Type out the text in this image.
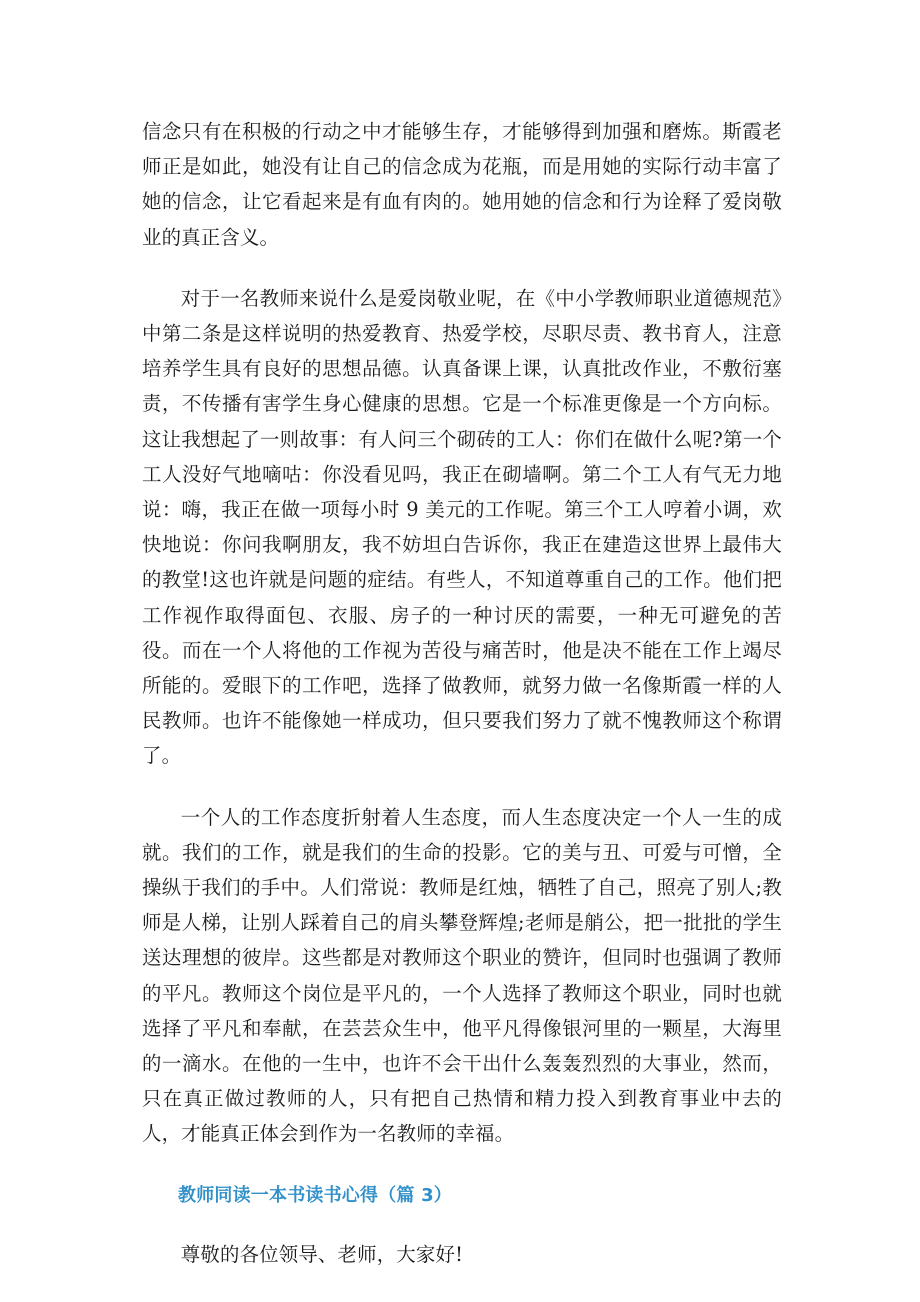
信念只有在积极的行动之中才能够生存，才能够得到加强和磨炼。斯霞老师正是如此，她没有让自己的信念成为花瓶，而是用她的实际行动丰富了她的信念，让它看起来是有血有肉的。她用她的信念和行为诠释了爱岗敬业的真正含义。

对于一名教师来说什么是爱岗敬业呢，在《中小学教师职业道德规范》中第二条是这样说明的热爱教育、热爱学校，尽职尽责、教书育人，注意培养学生具有良好的思想品德。认真备课上课，认真批改作业，不敷衍塞责，不传播有害学生身心健康的思想。它是一个标准更像是一个方向标。这让我想起了一则故事：有人问三个砌砖的工人：你们在做什么呢?第一个工人没好气地嘀咕：你没看见吗，我正在砌墙啊。第二个工人有气无力地说：嗨，我正在做一项每小时 9 美元的工作呢。第三个工人哼着小调，欢快地说：你问我啊朋友，我不妨坦白告诉你，我正在建造这世界上最伟大的教堂!这也许就是问题的症结。有些人，不知道尊重自己的工作。他们把工作视作取得面包、衣服、房子的一种讨厌的需要，一种无可避免的苦役。而在一个人将他的工作视为苦役与痛苦时，他是决不能在工作上竭尽所能的。爱眼下的工作吧，选择了做教师，就努力做一名像斯霞一样的人民教师。也许不能像她一样成功，但只要我们努力了就不愧教师这个称谓了。

一个人的工作态度折射着人生态度，而人生态度决定一个人一生的成就。我们的工作，就是我们的生命的投影。它的美与丑、可爱与可憎，全操纵于我们的手中。人们常说：教师是红烛，牺牲了自己，照亮了别人;教师是人梯，让别人踩着自己的肩头攀登辉煌;老师是艄公，把一批批的学生送达理想的彼岸。这些都是对教师这个职业的赞许，但同时也强调了教师的平凡。教师这个岗位是平凡的，一个人选择了教师这个职业，同时也就选择了平凡和奉献，在芸芸众生中，他平凡得像银河里的一颗星，大海里的一滴水。在他的一生中，也许不会干出什么轰轰烈烈的大事业，然而，只在真正做过教师的人，只有把自己热情和精力投入到教育事业中去的人，才能真正体会到作为一名教师的幸福。

教师同读一本书读书心得（篇 3）

尊敬的各位领导、老师，大家好!
